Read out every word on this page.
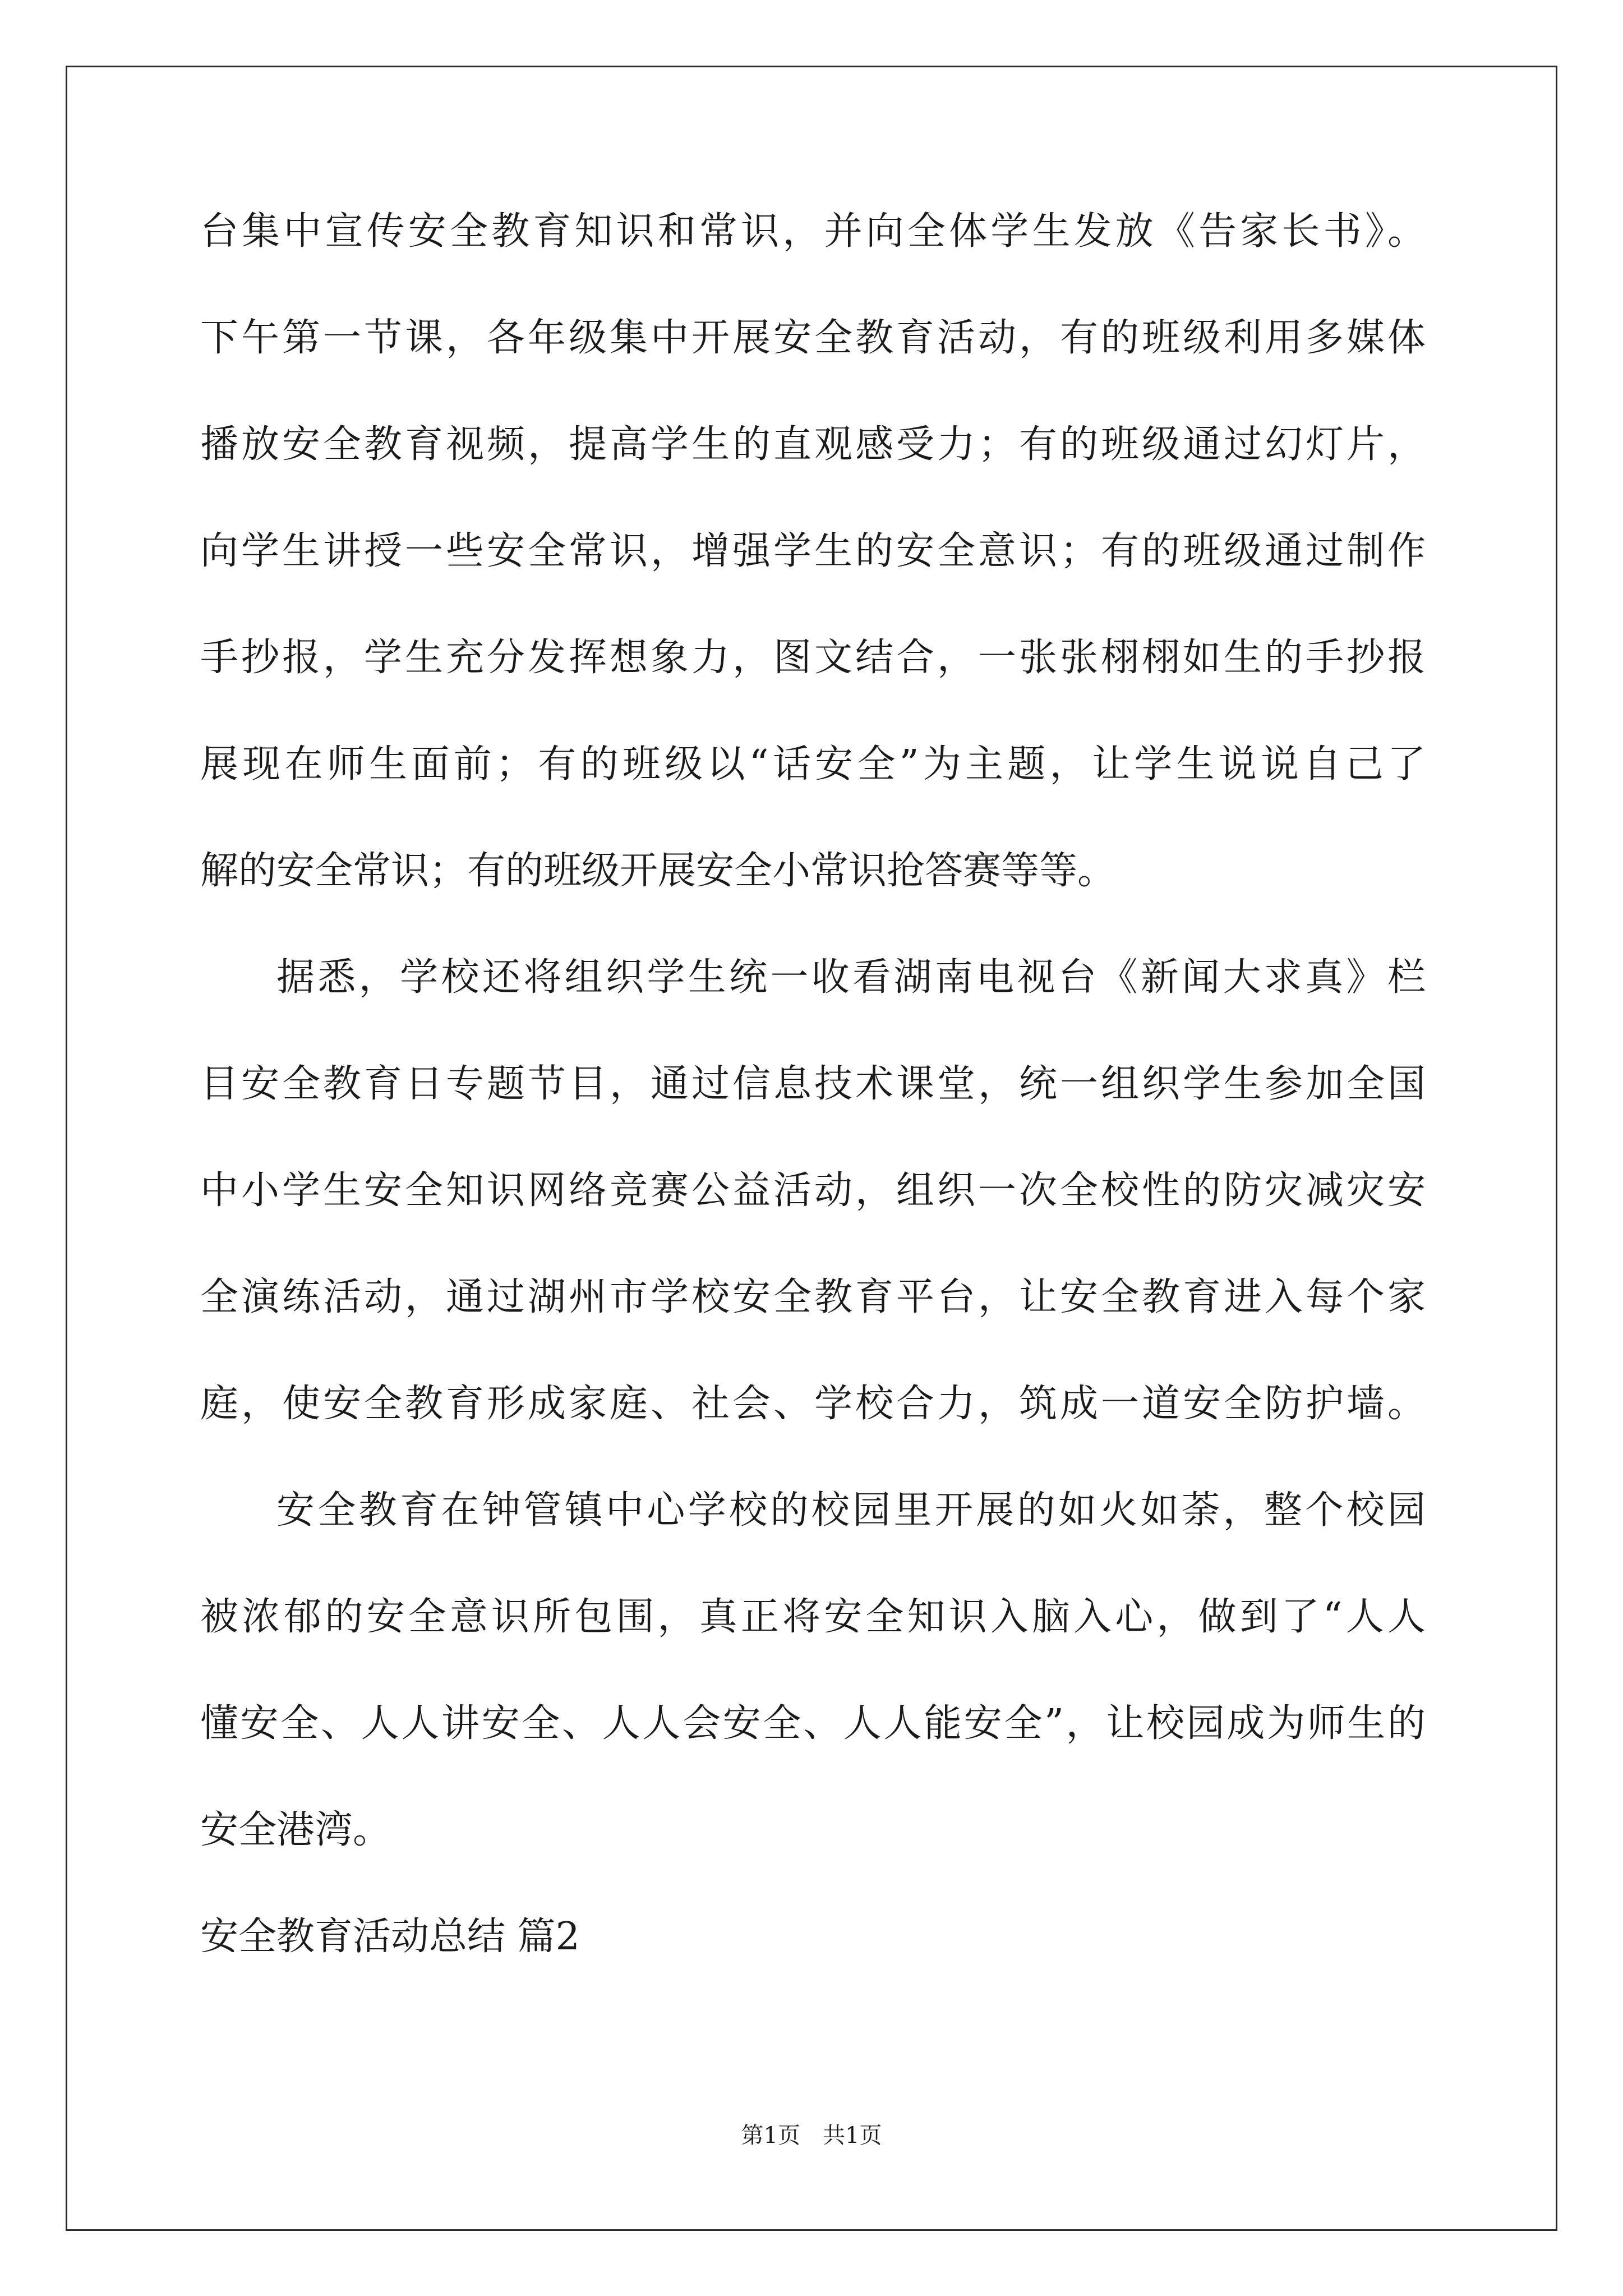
台集中宣传安全教育知识和常识，并向全体学生发放《告家长书》。
下午第一节课，各年级集中开展安全教育活动，有的班级利用多媒体
播放安全教育视频，提高学生的直观感受力；有的班级通过幻灯片，
向学生讲授一些安全常识，增强学生的安全意识；有的班级通过制作
手抄报，学生充分发挥想象力，图文结合，一张张栩栩如生的手抄报
展现在师生面前；有的班级以“话安全”为主题，让学生说说自己了
解的安全常识；有的班级开展安全小常识抢答赛等等。
据悉，学校还将组织学生统一收看湖南电视台《新闻大求真》栏
目安全教育日专题节目，通过信息技术课堂，统一组织学生参加全国
中小学生安全知识网络竞赛公益活动，组织一次全校性的防灾减灾安
全演练活动，通过湖州市学校安全教育平台，让安全教育进入每个家
庭，使安全教育形成家庭、社会、学校合力，筑成一道安全防护墙。
安全教育在钟管镇中心学校的校园里开展的如火如荼，整个校园
被浓郁的安全意识所包围，真正将安全知识入脑入心，做到了“人人
懂安全、人人讲安全、人人会安全、人人能安全”，让校园成为师生的
安全港湾。
安全教育活动总结 篇2
第1页　共1页
